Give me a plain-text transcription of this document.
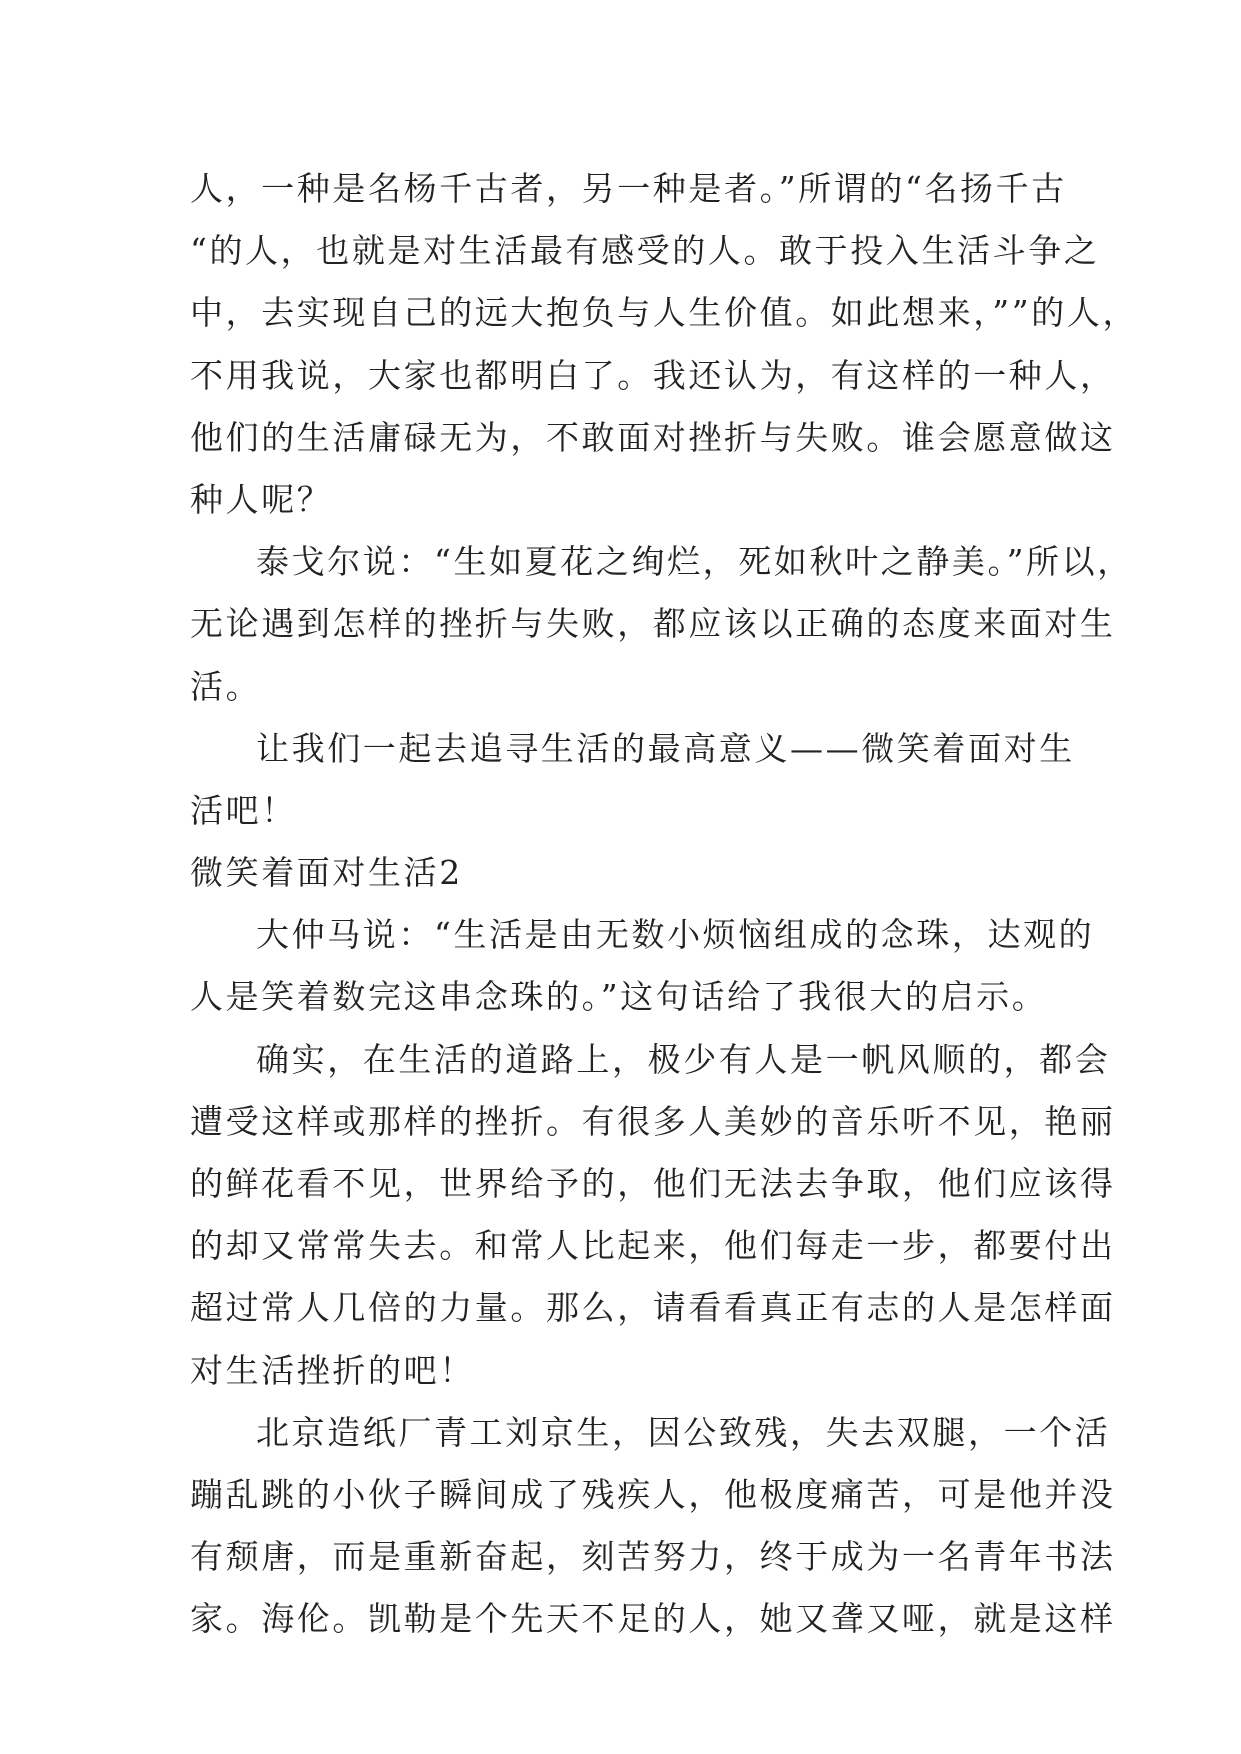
人，一种是名杨千古者，另一种是者。”所谓的“名扬千古
“的人，也就是对生活最有感受的人。敢于投入生活斗争之
中，去实现自己的远大抱负与人生价值。如此想来，””的人，
不用我说，大家也都明白了。我还认为，有这样的一种人，
他们的生活庸碌无为，不敢面对挫折与失败。谁会愿意做这
种人呢？
泰戈尔说：“生如夏花之绚烂，死如秋叶之静美。”所以，
无论遇到怎样的挫折与失败，都应该以正确的态度来面对生
活。
让我们一起去追寻生活的最高意义——微笑着面对生
活吧！
微笑着面对生活2
大仲马说：“生活是由无数小烦恼组成的念珠，达观的
人是笑着数完这串念珠的。”这句话给了我很大的启示。
确实，在生活的道路上，极少有人是一帆风顺的，都会
遭受这样或那样的挫折。有很多人美妙的音乐听不见，艳丽
的鲜花看不见，世界给予的，他们无法去争取，他们应该得
的却又常常失去。和常人比起来，他们每走一步，都要付出
超过常人几倍的力量。那么，请看看真正有志的人是怎样面
对生活挫折的吧！
北京造纸厂青工刘京生，因公致残，失去双腿，一个活
蹦乱跳的小伙子瞬间成了残疾人，他极度痛苦，可是他并没
有颓唐，而是重新奋起，刻苦努力，终于成为一名青年书法
家。海伦。凯勒是个先天不足的人，她又聋又哑，就是这样
